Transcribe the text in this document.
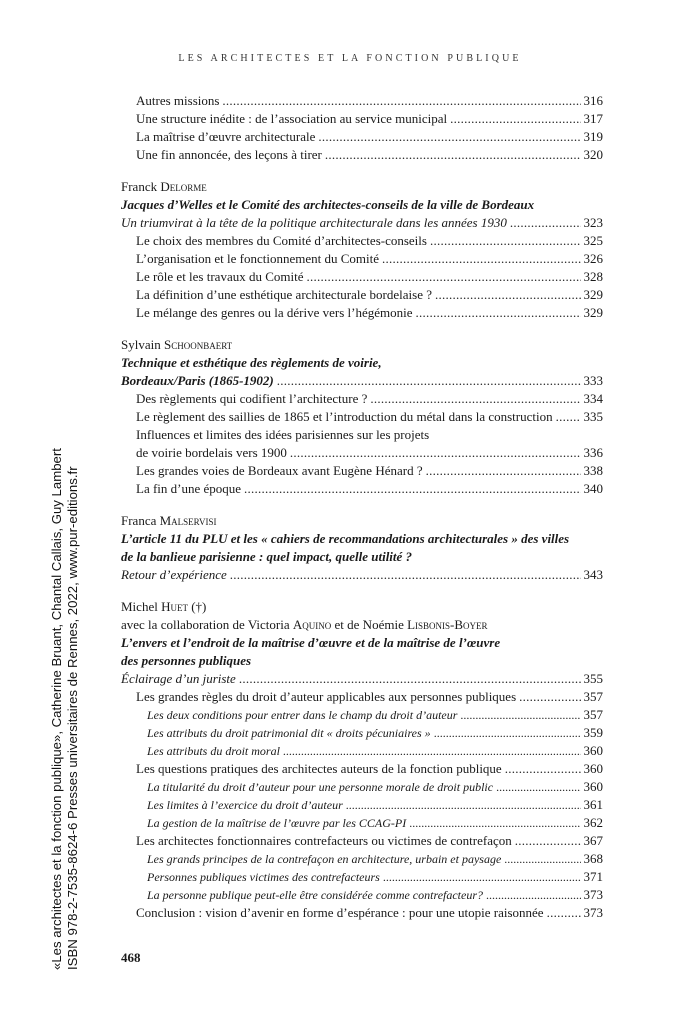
LES ARCHITECTES ET LA FONCTION PUBLIQUE
Autres missions . . .	316
Une structure inédite : de l’association au service municipal . . .	317
La maîtrise d’œuvre architecturale . . .	319
Une fin annoncée, des leçons à tirer . . .	320
Franck Delorme
Jacques d’Welles et le Comité des architectes-conseils de la ville de Bordeaux
Un triumvirat à la tête de la politique architecturale dans les années 1930 . . .	323
Le choix des membres du Comité d’architectes-conseils . . .	325
L’organisation et le fonctionnement du Comité . . .	326
Le rôle et les travaux du Comité . . .	328
La définition d’une esthétique architecturale bordelaise ? . . .	329
Le mélange des genres ou la dérive vers l’hégémonie . . .	329
Sylvain Schoonbaert
Technique et esthétique des règlements de voirie,
Bordeaux/Paris (1865-1902) . . .	333
Des règlements qui codifient l’architecture ? . . .	334
Le règlement des saillies de 1865 et l’introduction du métal dans la construction . . . 335
Influences et limites des idées parisiennes sur les projets
de voirie bordelais vers 1900 . . .	336
Les grandes voies de Bordeaux avant Eugène Hénard ? . . .	338
La fin d’une époque . . .	340
Franca Malservisi
L’article 11 du PLU et les « cahiers de recommandations architecturales » des villes
de la banlieue parisienne : quel impact, quelle utilité ?
Retour d’expérience . . .	343
Michel Huet (†)
avec la collaboration de Victoria Aquino et de Noémie Lisbonis-Boyer
L’envers et l’endroit de la maîtrise d’œuvre et de la maîtrise de l’œuvre
des personnes publiques
Éclairage d’un juriste . . .	355
Les grandes règles du droit d’auteur applicables aux personnes publiques . . .	357
Les deux conditions pour entrer dans le champ du droit d’auteur . . .	357
Les attributs du droit patrimonial dit « droits pécuniaires » . . .	359
Les attributs du droit moral . . .	360
Les questions pratiques des architectes auteurs de la fonction publique . . .	360
La titularité du droit d’auteur pour une personne morale de droit public . . .	360
Les limites à l’exercice du droit d’auteur . . .	361
La gestion de la maîtrise de l’œuvre par les CCAG-PI . . .	362
Les architectes fonctionnaires contrefacteurs ou victimes de contrefaçon . . .	367
Les grands principes de la contrefaçon en architecture, urbain et paysage . . .	368
Personnes publiques victimes des contrefacteurs . . .	371
La personne publique peut-elle être considérée comme contrefacteur? . . .	373
Conclusion : vision d’avenir en forme d’espérance : pour une utopie raisonnée . . .	373
468
«Les architectes et la fonction publique», Catherine Bruant, Chantal Callais, Guy Lambert ISBN 978-2-7535-8624-6 Presses universitaires de Rennes, 2022, www.pur-editions.fr
